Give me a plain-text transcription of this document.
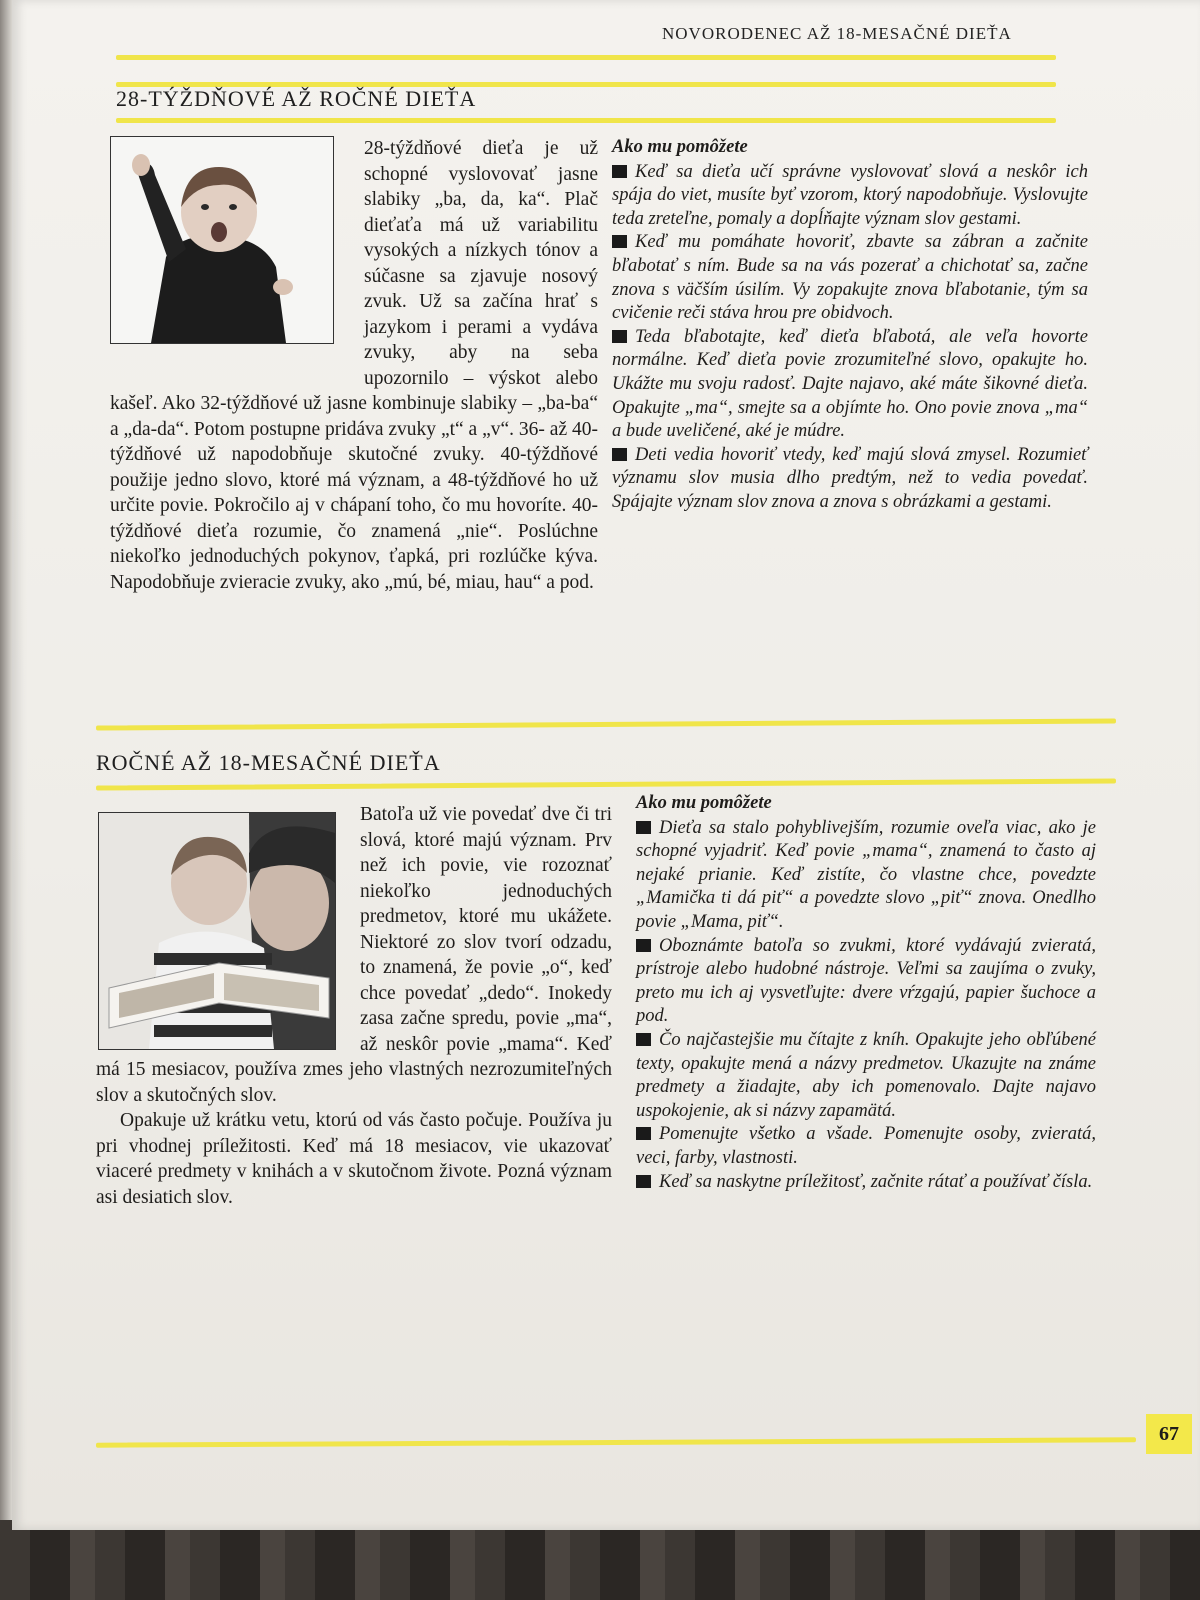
NOVORODENEC AŽ 18-MESAČNÉ DIEŤA
28-TÝŽDŇOVÉ AŽ ROČNÉ DIEŤA

28-týždňové dieťa je už schopné vyslovovať jasne slabiky „ba, da, ka“. Plač dieťaťa má už variabilitu vysokých a nízkych tónov a súčasne sa zjavuje nosový zvuk. Už sa začína hrať s jazykom i perami a vydáva zvuky, aby na seba upozornilo – výskot alebo kašeľ. Ako 32-týždňové už jasne kombinuje slabiky – „ba-ba“ a „da-da“. Potom postupne pridáva zvuky „t“ a „v“. 36- až 40-týždňové už napodobňuje skutočné zvuky. 40-týždňové použije jedno slovo, ktoré má význam, a 48-týždňové ho už určite povie. Pokročilo aj v chápaní toho, čo mu hovoríte. 40-týždňové dieťa rozumie, čo znamená „nie“. Poslúchne niekoľko jednoduchých pokynov, ťapká, pri rozlúčke kýva. Napodobňuje zvieracie zvuky, ako „mú, bé, miau, hau“ a pod.

Ako mu pomôžete
Keď sa dieťa učí správne vyslovovať slová a neskôr ich spája do viet, musíte byť vzorom, ktorý napodobňuje. Vyslovujte teda zreteľne, pomaly a dopĺňajte význam slov gestami.
Keď mu pomáhate hovoriť, zbavte sa zábran a začnite bľabotať s ním. Bude sa na vás pozerať a chichotať sa, začne znova s väčším úsilím. Vy zopakujte znova bľabotanie, tým sa cvičenie reči stáva hrou pre obidvoch.
Teda bľabotajte, keď dieťa bľabotá, ale veľa hovorte normálne. Keď dieťa povie zrozumiteľné slovo, opakujte ho. Ukážte mu svoju radosť. Dajte najavo, aké máte šikovné dieťa. Opakujte „ma“, smejte sa a objímte ho. Ono povie znova „ma“ a bude uveličené, aké je múdre.
Deti vedia hovoriť vtedy, keď majú slová zmysel. Rozumieť významu slov musia dlho predtým, než to vedia povedať. Spájajte význam slov znova a znova s obrázkami a gestami.
ROČNÉ AŽ 18-MESAČNÉ DIEŤA

Batoľa už vie povedať dve či tri slová, ktoré majú význam. Prv než ich povie, vie rozoznať niekoľko jednoduchých predmetov, ktoré mu ukážete. Niektoré zo slov tvorí odzadu, to znamená, že povie „o“, keď chce povedať „dedo“. Inokedy zasa začne spredu, povie „ma“, až neskôr povie „mama“. Keď má 15 mesiacov, používa zmes jeho vlastných nezrozumiteľných slov a skutočných slov.

Opakuje už krátku vetu, ktorú od vás často počuje. Používa ju pri vhodnej príležitosti. Keď má 18 mesiacov, vie ukazovať viaceré predmety v knihách a v skutočnom živote. Pozná význam asi desiatich slov.

Ako mu pomôžete
Dieťa sa stalo pohyblivejším, rozumie oveľa viac, ako je schopné vyjadriť. Keď povie „mama“, znamená to často aj nejaké prianie. Keď zistíte, čo vlastne chce, povedzte „Mamička ti dá piť“ a povedzte slovo „piť“ znova. Onedlho povie „Mama, piť“.
Oboznámte batoľa so zvukmi, ktoré vydávajú zvieratá, prístroje alebo hudobné nástroje. Veľmi sa zaujíma o zvuky, preto mu ich aj vysvetľujte: dvere vŕzgajú, papier šuchoce a pod.
Čo najčastejšie mu čítajte z kníh. Opakujte jeho obľúbené texty, opakujte mená a názvy predmetov. Ukazujte na známe predmety a žiadajte, aby ich pomenovalo. Dajte najavo uspokojenie, ak si názvy zapamätá.
Pomenujte všetko a všade. Pomenujte osoby, zvieratá, veci, farby, vlastnosti.
Keď sa naskytne príležitosť, začnite rátať a používať čísla.
67
